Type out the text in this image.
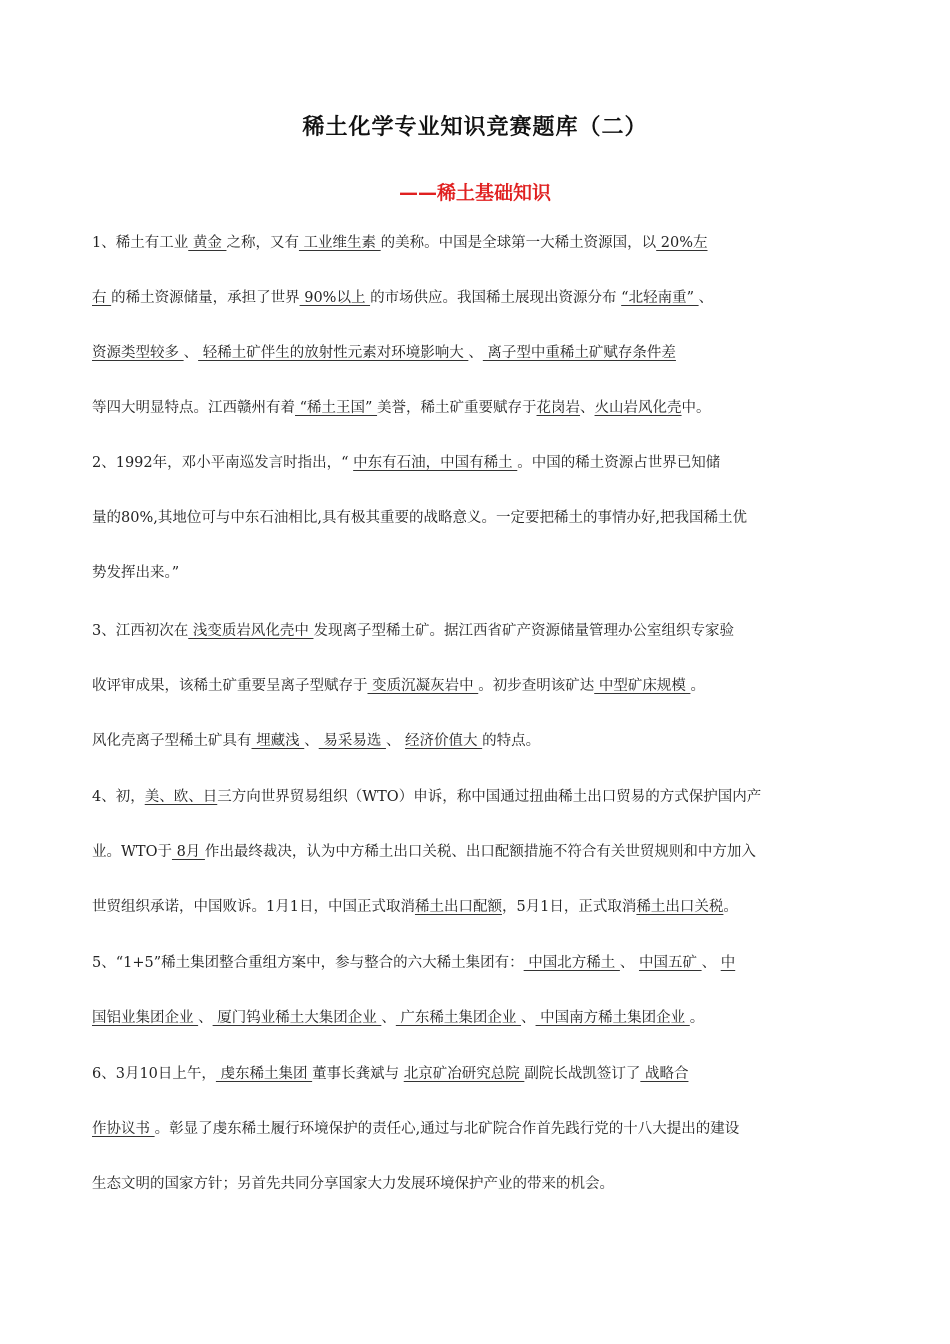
稀土化学专业知识竞赛题库（二）
——稀土基础知识
1、稀土有工业 黄金 之称，又有 工业维生素 的美称。中国是全球第一大稀土资源国，以 20%左
右 的稀土资源储量，承担了世界 90%以上 的市场供应。我国稀土展现出资源分布 “北轻南重” 、
资源类型较多 、 轻稀土矿伴生的放射性元素对环境影响大 、 离子型中重稀土矿赋存条件差
等四大明显特点。江西赣州有着 “稀土王国” 美誉，稀土矿重要赋存于花岗岩、火山岩风化壳中。
2、1992年，邓小平南巡发言时指出，“ 中东有石油，中国有稀土 。中国的稀土资源占世界已知储
量的80%,其地位可与中东石油相比,具有极其重要的战略意义。一定要把稀土的事情办好,把我国稀土优
势发挥出来。”
3、江西初次在 浅变质岩风化壳中 发现离子型稀土矿。据江西省矿产资源储量管理办公室组织专家验
收评审成果，该稀土矿重要呈离子型赋存于 变质沉凝灰岩中 。初步查明该矿达 中型矿床规模 。
风化壳离子型稀土矿具有 埋藏浅 、 易采易选 、 经济价值大 的特点。
4、初，美、欧、日三方向世界贸易组织（WTO）申诉，称中国通过扭曲稀土出口贸易的方式保护国内产
业。WTO于 8月 作出最终裁决，认为中方稀土出口关税、出口配额措施不符合有关世贸规则和中方加入
世贸组织承诺，中国败诉。1月1日，中国正式取消稀土出口配额，5月1日，正式取消稀土出口关税。
5、“1+5”稀土集团整合重组方案中，参与整合的六大稀土集团有： 中国北方稀土 、 中国五矿 、 中
国铝业集团企业 、 厦门钨业稀土大集团企业 、 广东稀土集团企业 、 中国南方稀土集团企业 。
6、3月10日上午， 虔东稀土集团 董事长龚斌与 北京矿冶研究总院 副院长战凯签订了 战略合
作协议书 。彰显了虔东稀土履行环境保护的责任心,通过与北矿院合作首先践行党的十八大提出的建设
生态文明的国家方针；另首先共同分享国家大力发展环境保护产业的带来的机会。
